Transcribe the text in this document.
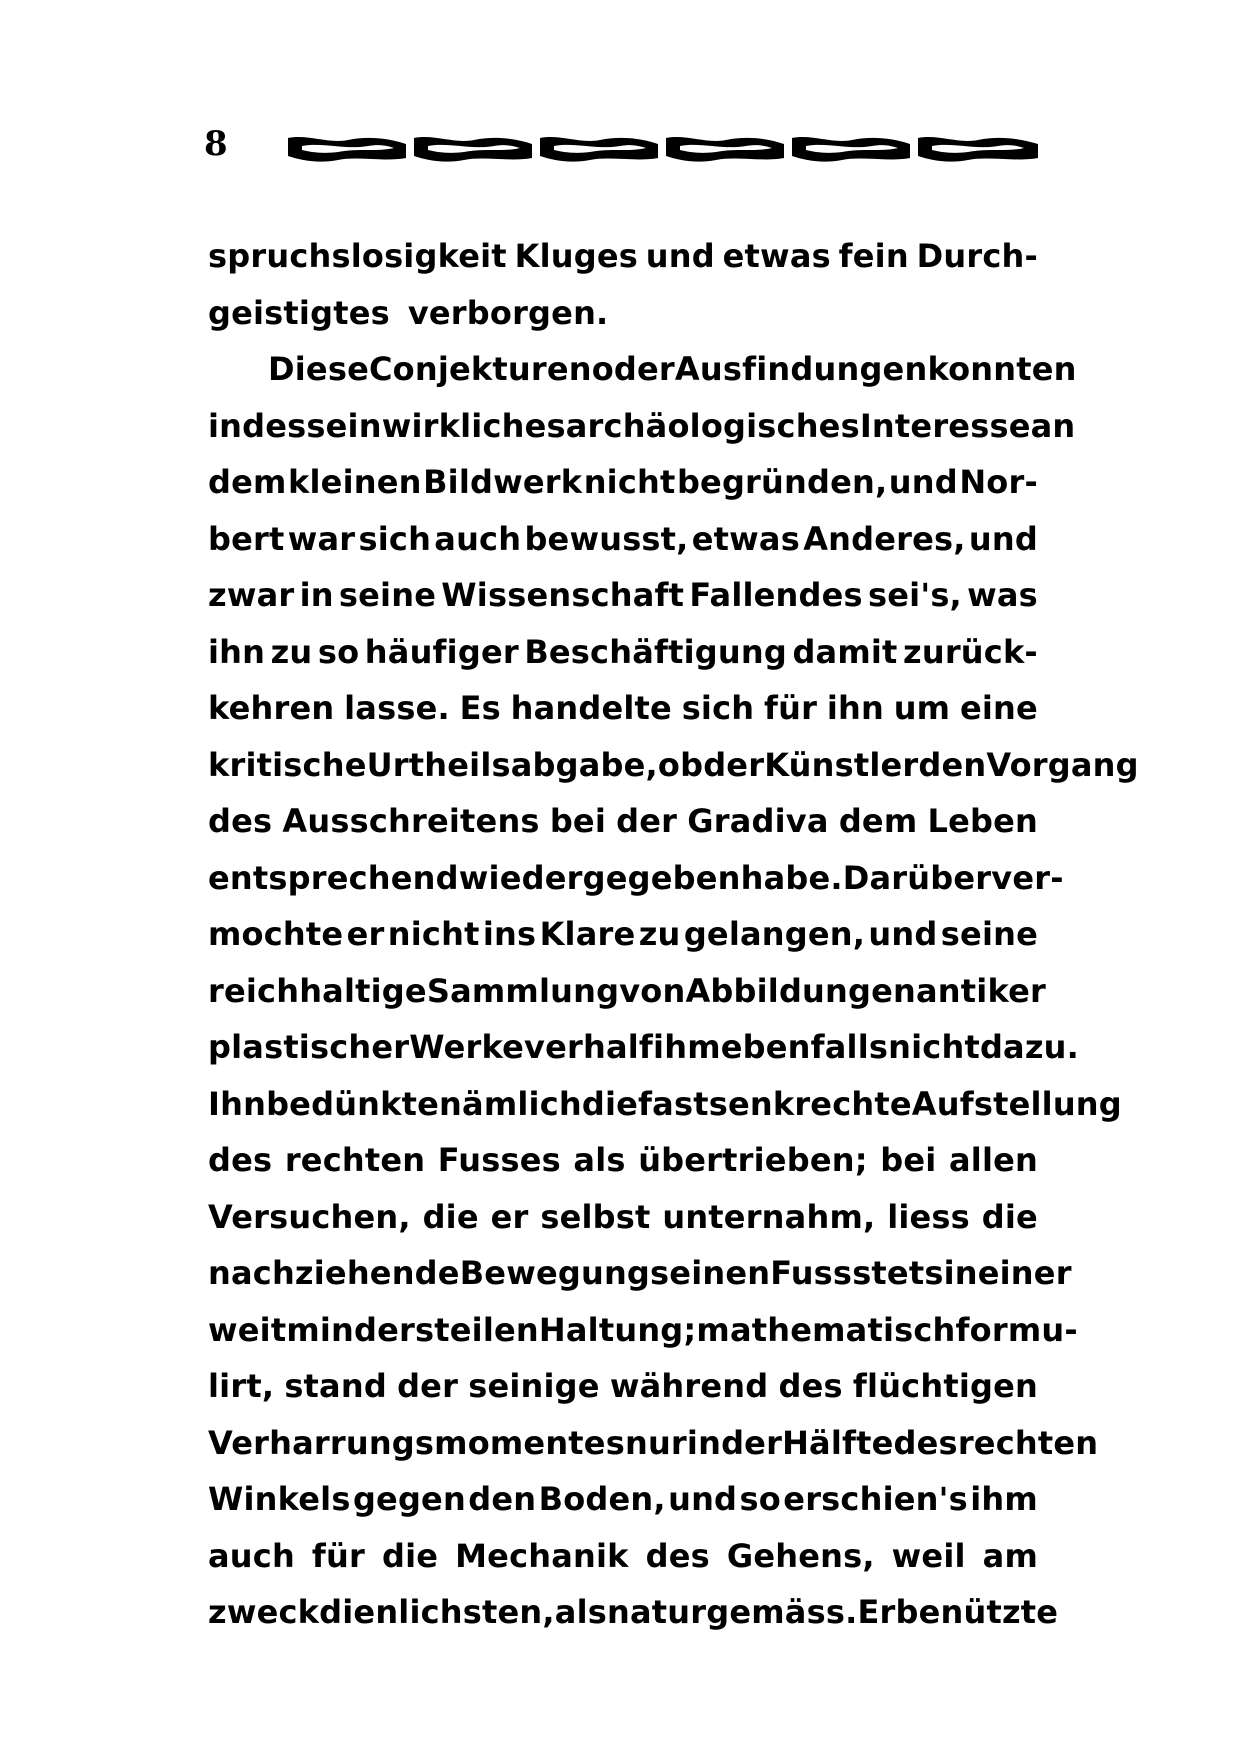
8
spruchslosigkeit Kluges und etwas fein Durch-
geistigtes verborgen.
Diese Conjekturen oder Ausfindungen konnten
indess ein wirkliches archäologisches Interesse an
dem kleinen Bildwerk nicht begründen, und Nor-
bert war sich auch bewusst, etwas Anderes, und
zwar in seine Wissenschaft Fallendes sei's, was
ihn zu so häufiger Beschäftigung damit zurück-
kehren lasse. Es handelte sich für ihn um eine
kritische Urtheilsabgabe, ob der Künstler den Vorgang
des Ausschreitens bei der Gradiva dem Leben
entsprechend wiedergegeben habe. Darüber ver-
mochte er nicht ins Klare zu gelangen, und seine
reichhaltige Sammlung von Abbildungen antiker
plastischer Werke verhalf ihm ebenfalls nicht dazu.
Ihn bedünkte nämlich die fast senkrechte Aufstellung
des rechten Fusses als übertrieben; bei allen
Versuchen, die er selbst unternahm, liess die
nachziehende Bewegung seinen Fuss stets in einer
weit minder steilen Haltung; mathematisch formu-
lirt, stand der seinige während des flüchtigen
Verharrungsmomentes nur in der Hälfte des rechten
Winkels gegen den Boden, und so erschien's ihm
auch für die Mechanik des Gehens, weil am
zweckdienlichsten, als naturgemäss. Er benützte
